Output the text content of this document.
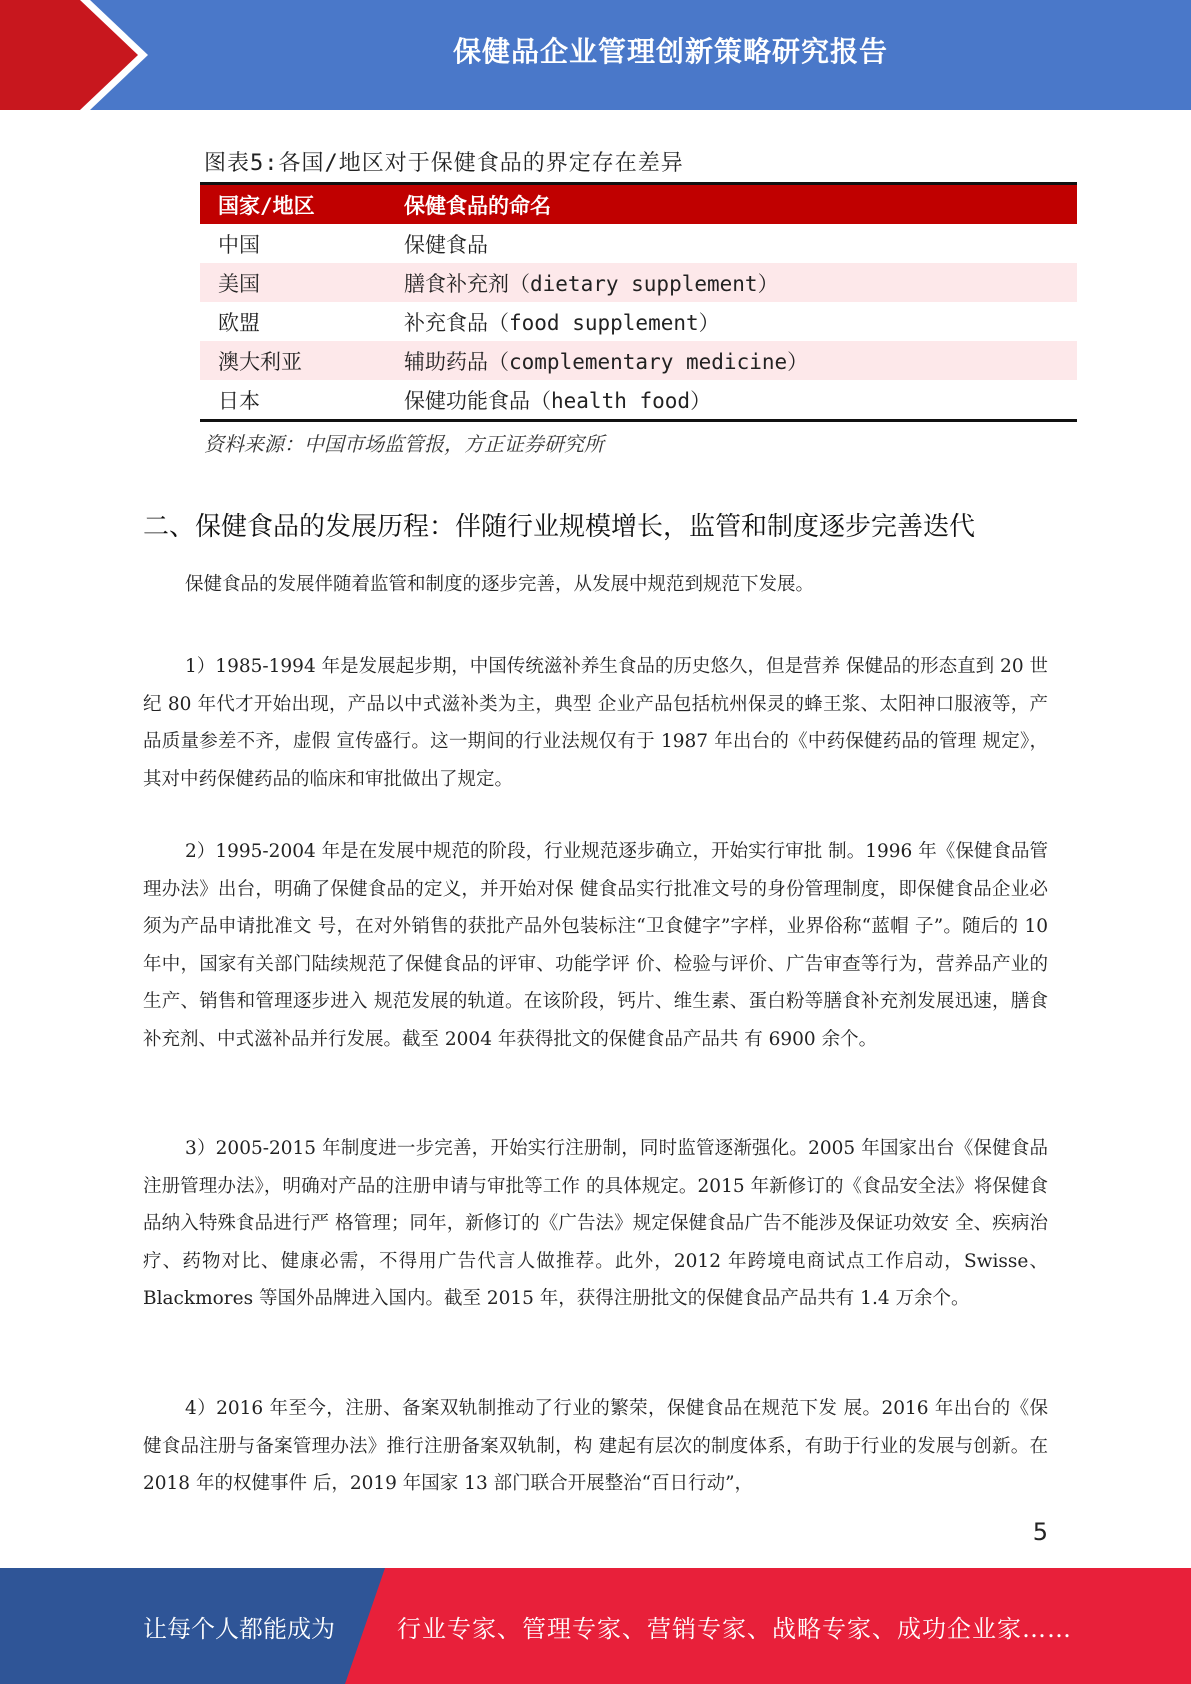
保健品企业管理创新策略研究报告
图表5:各国/地区对于保健食品的界定存在差异
国家/地区	保健食品的命名
中国	保健食品
美国	膳食补充剂（dietary supplement）
欧盟	补充食品（food supplement）
澳大利亚	辅助药品（complementary medicine）
日本	保健功能食品（health food）
资料来源：中国市场监管报，方正证券研究所
二、保健食品的发展历程：伴随行业规模增长，监管和制度逐步完善迭代

保健食品的发展伴随着监管和制度的逐步完善，从发展中规范到规范下发展。

1）1985-1994 年是发展起步期，中国传统滋补养生食品的历史悠久，但是营养 保健品的形态直到 20 世纪 80 年代才开始出现，产品以中式滋补类为主，典型 企业产品包括杭州保灵的蜂王浆、太阳神口服液等，产品质量参差不齐，虚假 宣传盛行。这一期间的行业法规仅有于 1987 年出台的《中药保健药品的管理 规定》，其对中药保健药品的临床和审批做出了规定。

2）1995-2004 年是在发展中规范的阶段，行业规范逐步确立，开始实行审批 制。1996 年《保健食品管理办法》出台，明确了保健食品的定义，并开始对保 健食品实行批准文号的身份管理制度，即保健食品企业必须为产品申请批准文 号，在对外销售的获批产品外包装标注“卫食健字”字样，业界俗称“蓝帽 子”。随后的 10 年中，国家有关部门陆续规范了保健食品的评审、功能学评 价、检验与评价、广告审查等行为，营养品产业的生产、销售和管理逐步进入 规范发展的轨道。在该阶段，钙片、维生素、蛋白粉等膳食补充剂发展迅速，膳食补充剂、中式滋补品并行发展。截至 2004 年获得批文的保健食品产品共 有 6900 余个。

3）2005-2015 年制度进一步完善，开始实行注册制，同时监管逐渐强化。2005 年国家出台《保健食品注册管理办法》，明确对产品的注册申请与审批等工作 的具体规定。2015 年新修订的《食品安全法》将保健食品纳入特殊食品进行严 格管理；同年，新修订的《广告法》规定保健食品广告不能涉及保证功效安 全、疾病治疗、药物对比、健康必需，不得用广告代言人做推荐。此外，2012 年跨境电商试点工作启动，Swisse、Blackmores 等国外品牌进入国内。截至 2015 年，获得注册批文的保健食品产品共有 1.4 万余个。

4）2016 年至今，注册、备案双轨制推动了行业的繁荣，保健食品在规范下发 展。2016 年出台的《保健食品注册与备案管理办法》推行注册备案双轨制，构 建起有层次的制度体系，有助于行业的发展与创新。在 2018 年的权健事件 后，2019 年国家 13 部门联合开展整治“百日行动”，

5
让每个人都能成为	行业专家、管理专家、营销专家、战略专家、成功企业家……
